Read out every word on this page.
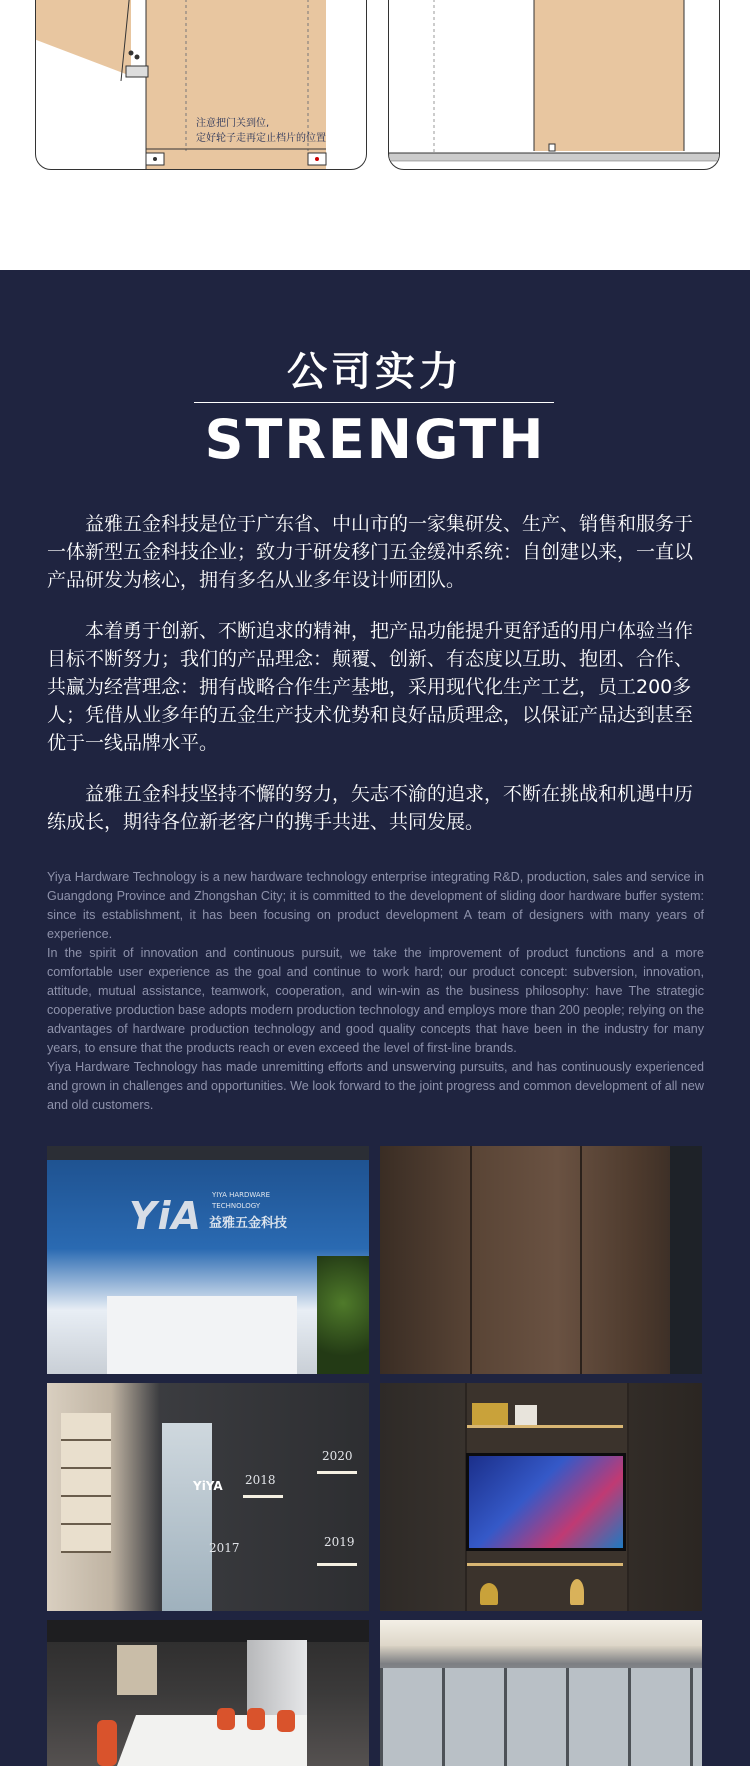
注意把门关到位,
定好轮子走再定止档片的位置
公司实力
STRENGTH

益雅五金科技是位于广东省、中山市的一家集研发、生产、销售和服务于一体新型五金科技企业；致力于研发移门五金缓冲系统：自创建以来，一直以产品研发为核心，拥有多名从业多年设计师团队。

本着勇于创新、不断追求的精神，把产品功能提升更舒适的用户体验当作目标不断努力；我们的产品理念：颠覆、创新、有态度以互助、抱团、合作、共赢为经营理念：拥有战略合作生产基地，采用现代化生产工艺，员工200多人；凭借从业多年的五金生产技术优势和良好品质理念，以保证产品达到甚至优于一线品牌水平。

益雅五金科技坚持不懈的努力，矢志不渝的追求，不断在挑战和机遇中历练成长，期待各位新老客户的携手共进、共同发展。

Yiya Hardware Technology is a new hardware technology enterprise integrating R&D, production, sales and service in Guangdong Province and Zhongshan City; it is committed to the development of sliding door hardware buffer system: since its establishment, it has been focusing on product development A team of designers with many years of experience.

In the spirit of innovation and continuous pursuit, we take the improvement of product functions and a more comfortable user experience as the goal and continue to work hard; our product concept: subversion, innovation, attitude, mutual assistance, teamwork, cooperation, and win-win as the business philosophy: have The strategic cooperative production base adopts modern production technology and employs more than 200 people; relying on the advantages of hardware production technology and good quality concepts that have been in the industry for many years, to ensure that the products reach or even exceed the level of first-line brands.

Yiya Hardware Technology has made unremitting efforts and unswerving pursuits, and has continuously experienced and grown in challenges and opportunities. We look forward to the joint progress and common development of all new and old customers.

YiA YIYA HARDWARE
TECHNOLOGY
益雅五金科技
YiYA 2018
2020
2017	2019
